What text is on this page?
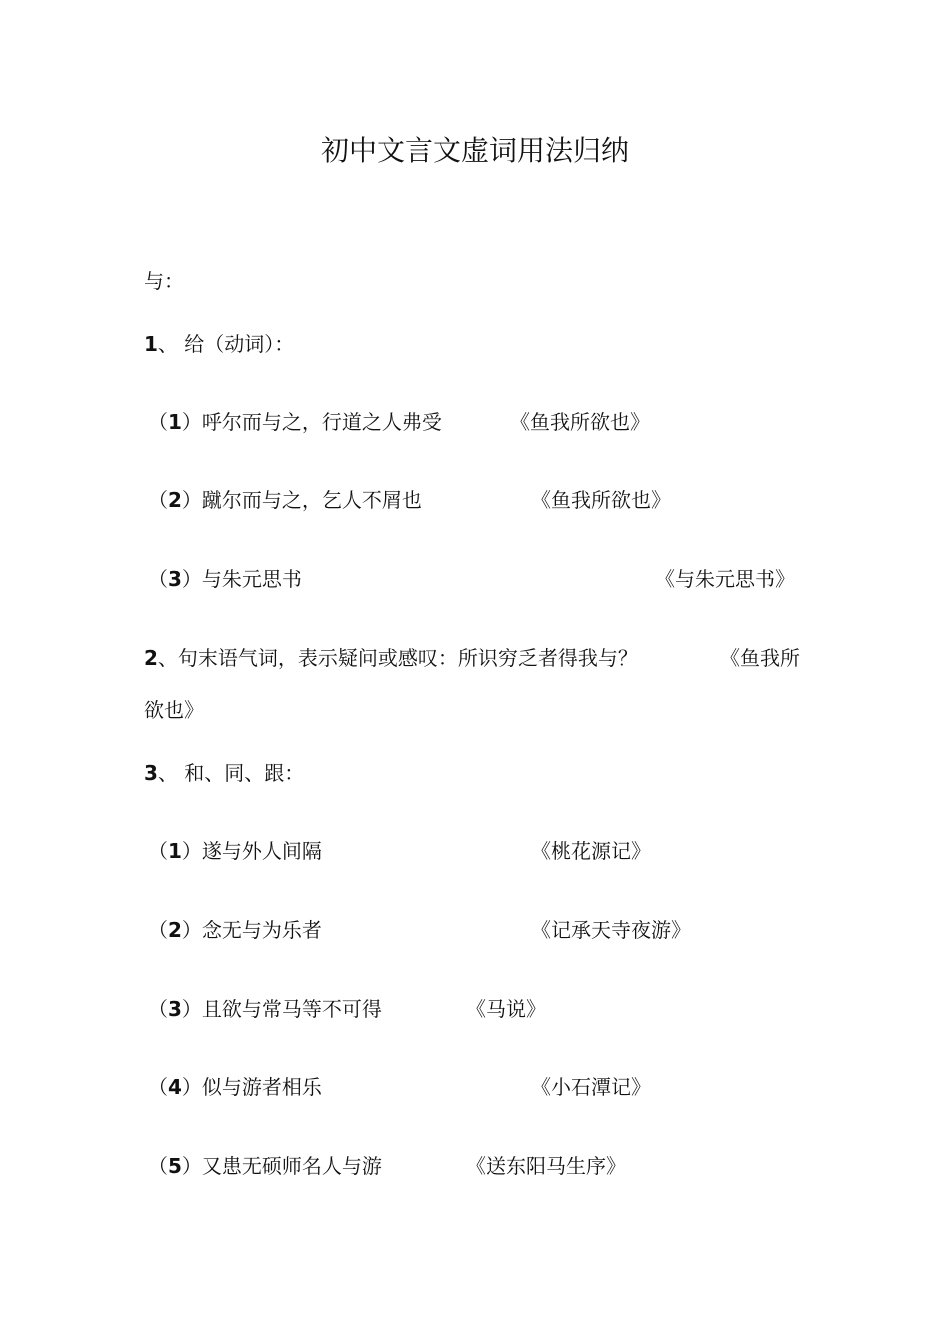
初中文言文虚词用法归纳
与：
1、 给（动词）：
（1）呼尔而与之，行道之人弗受	《鱼我所欲也》
（2）蹴尔而与之，乞人不屑也	《鱼我所欲也》
（3）与朱元思书	《与朱元思书》
2、句末语气词，表示疑问或感叹：所识穷乏者得我与？	《鱼我所
欲也》
3、 和、同、跟：
（1）遂与外人间隔	《桃花源记》
（2）念无与为乐者	《记承天寺夜游》
（3）且欲与常马等不可得	《马说》
（4）似与游者相乐	《小石潭记》
（5）又患无硕师名人与游	《送东阳马生序》
